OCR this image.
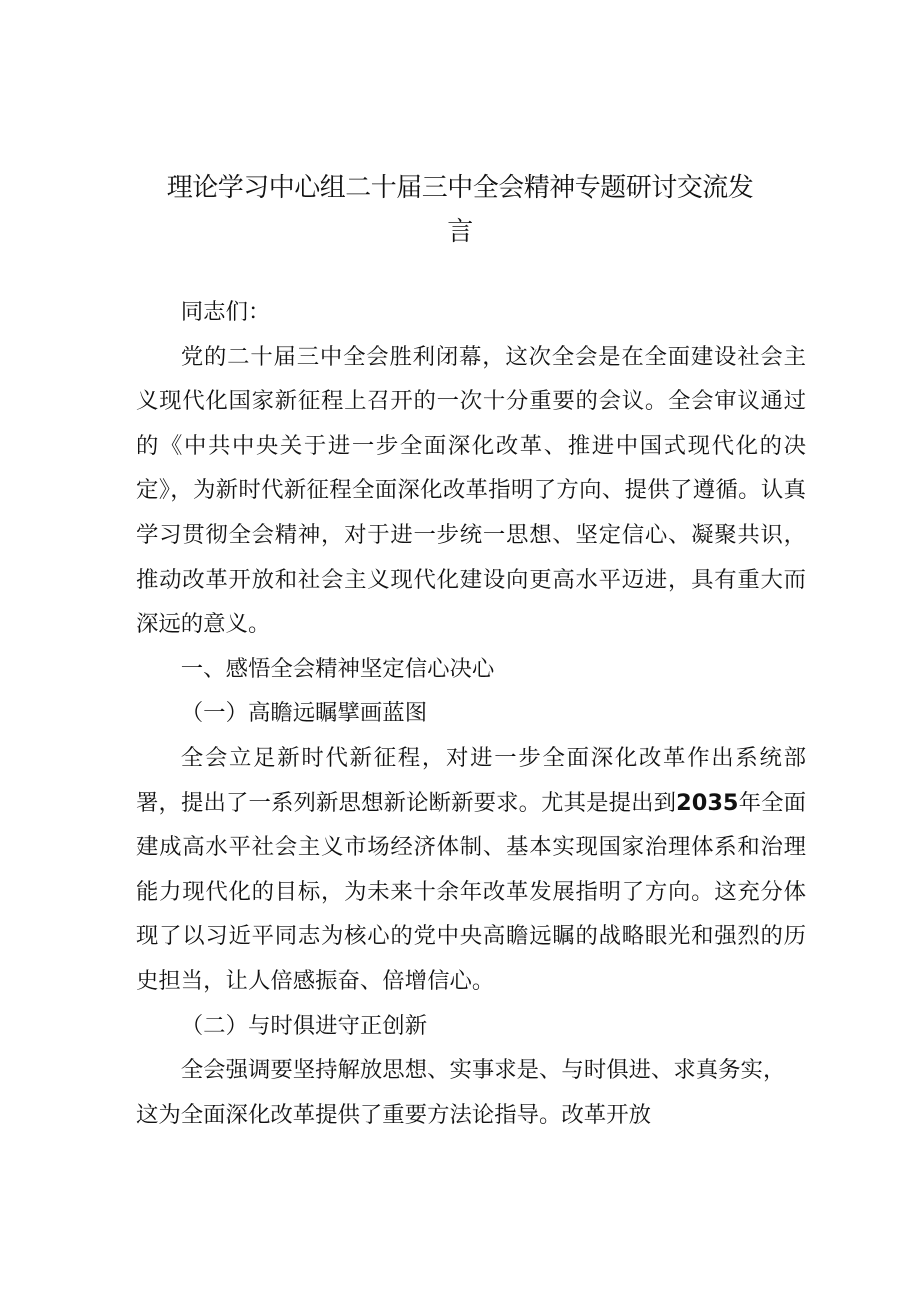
理论学习中心组二十届三中全会精神专题研讨交流发
言

同志们：

党的二十届三中全会胜利闭幕，这次全会是在全面建设社会主义现代化国家新征程上召开的一次十分重要的会议。全会审议通过的《中共中央关于进一步全面深化改革、推进中国式现代化的决定》，为新时代新征程全面深化改革指明了方向、提供了遵循。认真学习贯彻全会精神，对于进一步统一思想、坚定信心、凝聚共识，推动改革开放和社会主义现代化建设向更高水平迈进，具有重大而深远的意义。

一、感悟全会精神坚定信心决心

（一）高瞻远瞩擘画蓝图

全会立足新时代新征程，对进一步全面深化改革作出系统部署，提出了一系列新思想新论断新要求。尤其是提出到2035年全面建成高水平社会主义市场经济体制、基本实现国家治理体系和治理能力现代化的目标，为未来十余年改革发展指明了方向。这充分体现了以习近平同志为核心的党中央高瞻远瞩的战略眼光和强烈的历史担当，让人倍感振奋、倍增信心。

（二）与时俱进守正创新

全会强调要坚持解放思想、实事求是、与时俱进、求真务实，这为全面深化改革提供了重要方法论指导。改革开放
